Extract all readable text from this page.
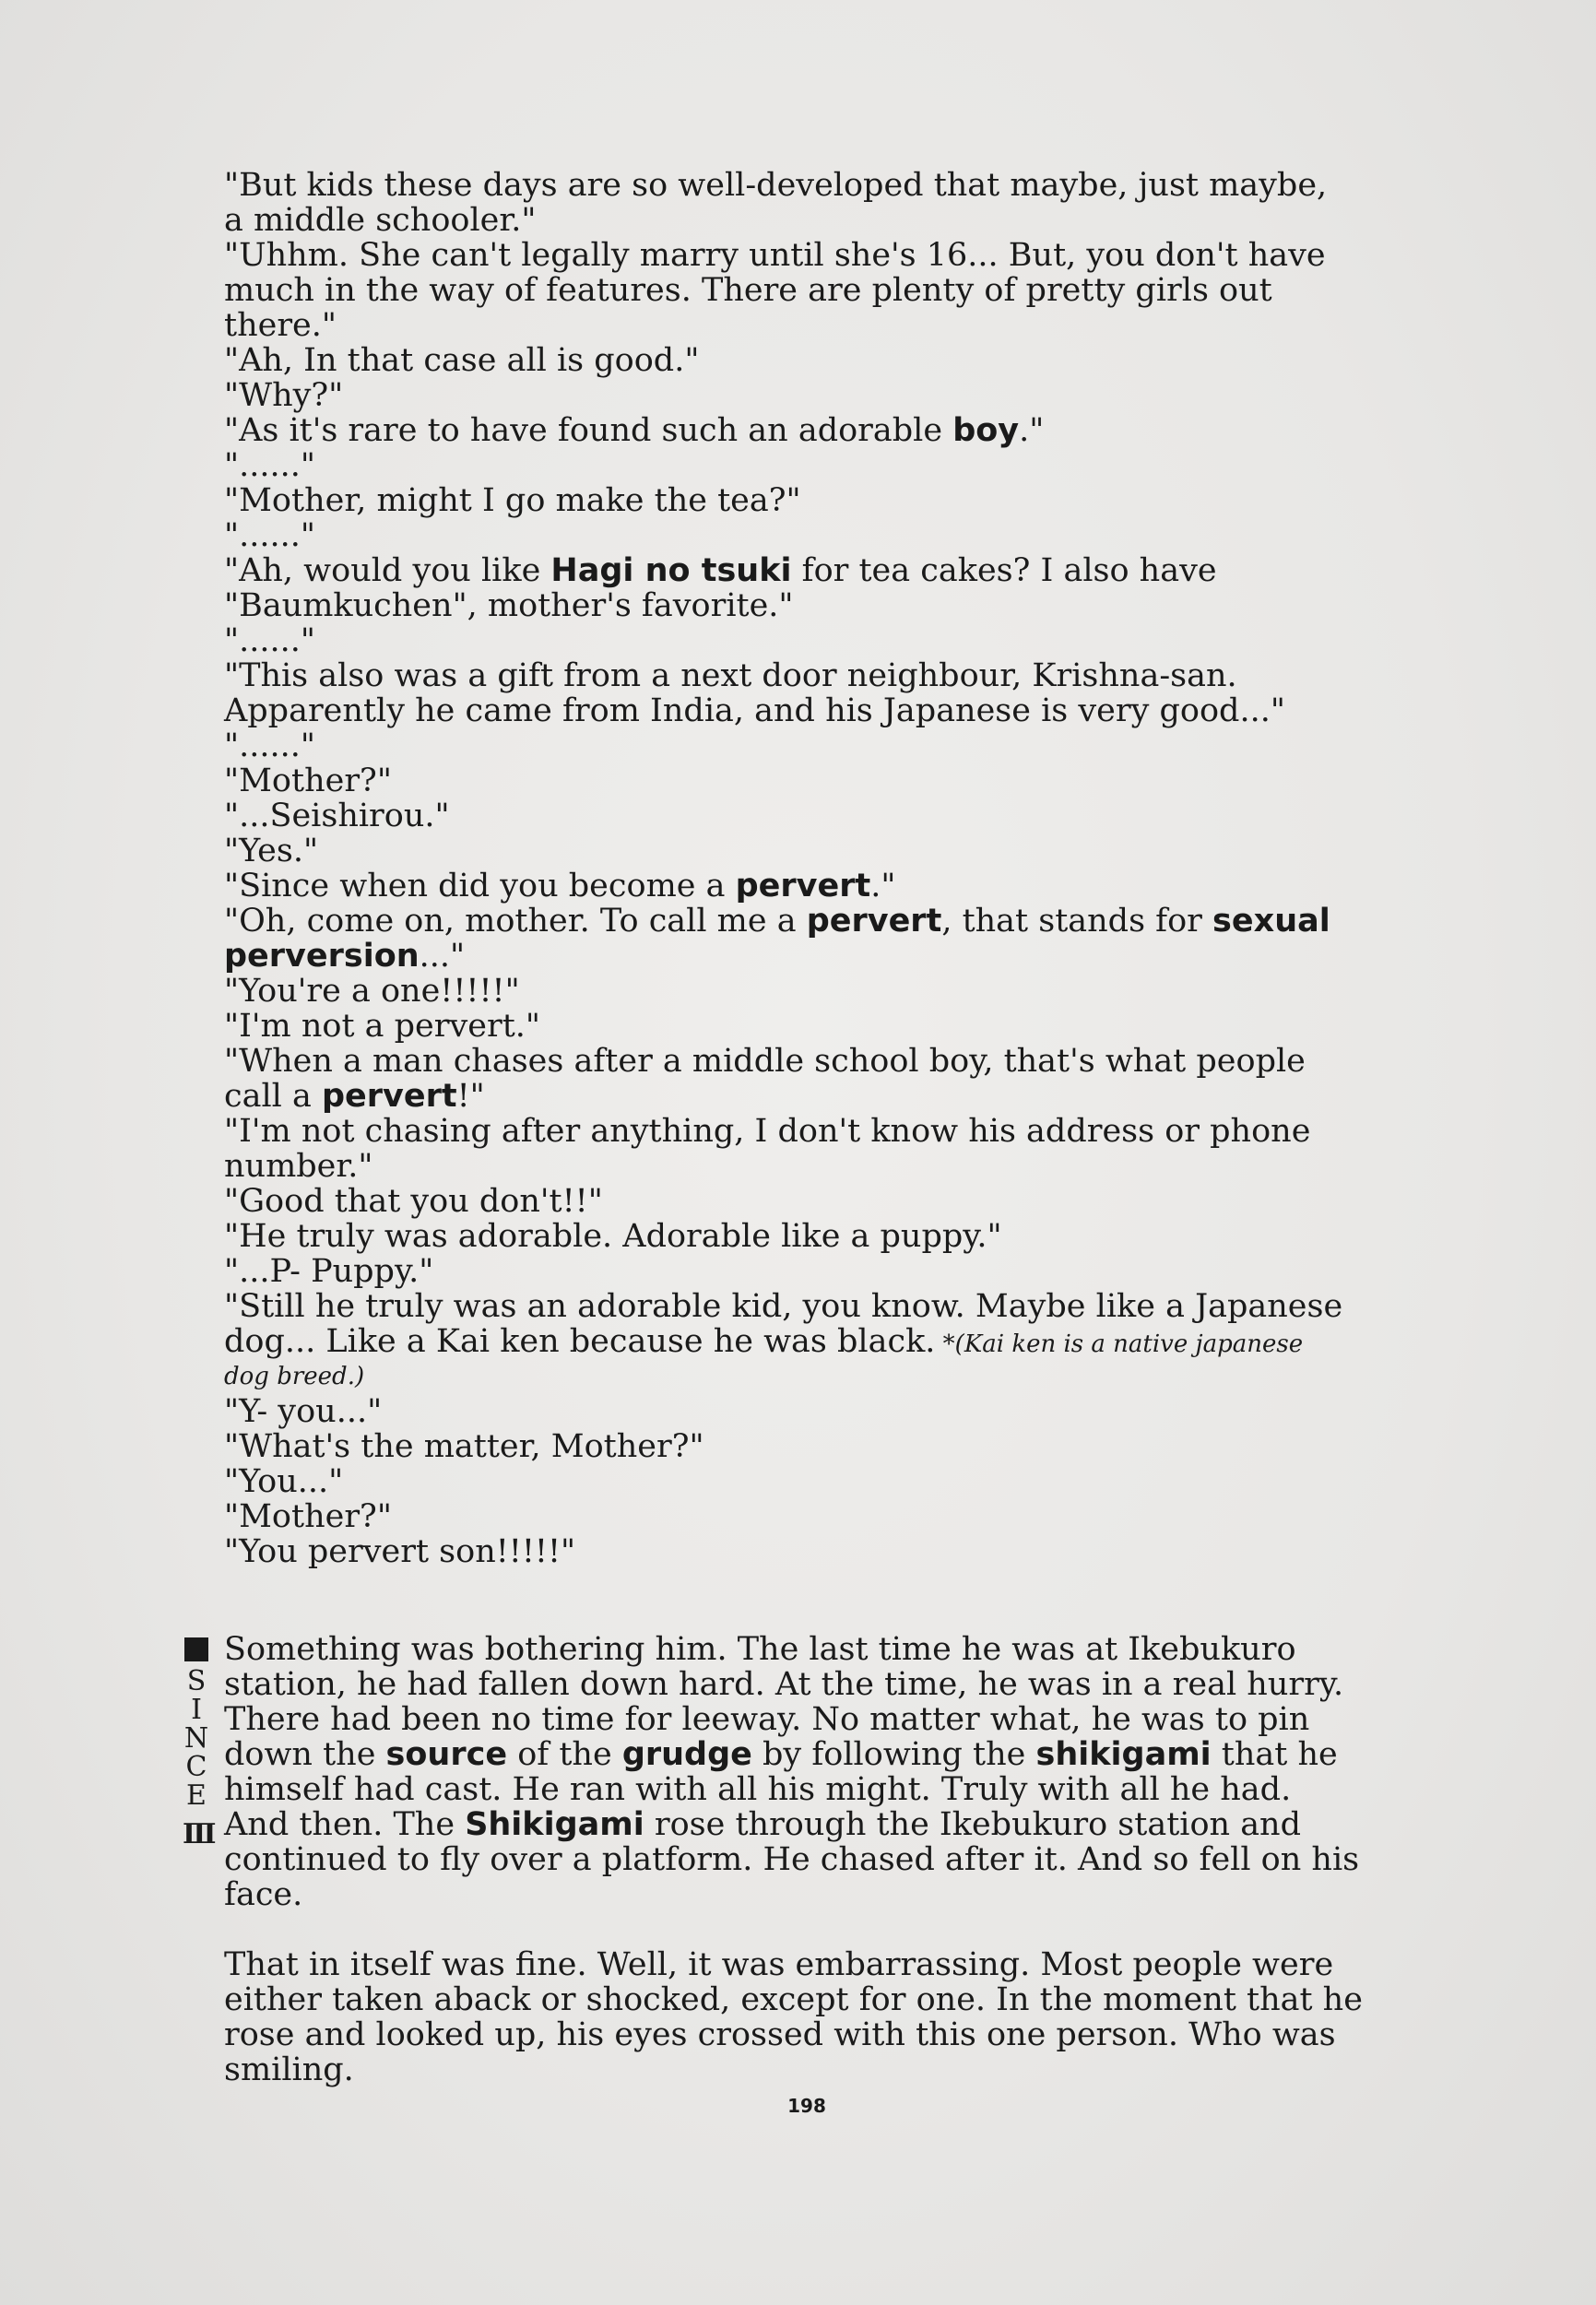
"But kids these days are so well-developed that maybe, just maybe,
a middle schooler."
"Uhhm. She can't legally marry until she's 16... But, you don't have
much in the way of features. There are plenty of pretty girls out
there."
"Ah, In that case all is good."
"Why?"
"As it's rare to have found such an adorable boy."
"......"
"Mother, might I go make the tea?"
"......"
"Ah, would you like Hagi no tsuki for tea cakes? I also have
"Baumkuchen", mother's favorite."
"......"
"This also was a gift from a next door neighbour, Krishna-san.
Apparently he came from India, and his Japanese is very good..."
"......"
"Mother?"
"...Seishirou."
"Yes."
"Since when did you become a pervert."
"Oh, come on, mother. To call me a pervert, that stands for sexual
perversion..."
"You're a one!!!!!"
"I'm not a pervert."
"When a man chases after a middle school boy, that's what people
call a pervert!"
"I'm not chasing after anything, I don't know his address or phone
number."
"Good that you don't!!"
"He truly was adorable. Adorable like a puppy."
"...P- Puppy."
"Still he truly was an adorable kid, you know. Maybe like a Japanese
dog... Like a Kai ken because he was black. *(Kai ken is a native japanese
dog breed.)
"Y- you..."
"What's the matter, Mother?"
"You..."
"Mother?"
"You pervert son!!!!!"
S
I
N
C
E
Ⅲ
Something was bothering him. The last time he was at Ikebukuro
station, he had fallen down hard. At the time, he was in a real hurry.
There had been no time for leeway. No matter what, he was to pin
down the source of the grudge by following the shikigami that he
himself had cast. He ran with all his might. Truly with all he had.
And then. The Shikigami rose through the Ikebukuro station and
continued to fly over a platform. He chased after it. And so fell on his
face.
That in itself was fine. Well, it was embarrassing. Most people were
either taken aback or shocked, except for one. In the moment that he
rose and looked up, his eyes crossed with this one person. Who was
smiling.
198
